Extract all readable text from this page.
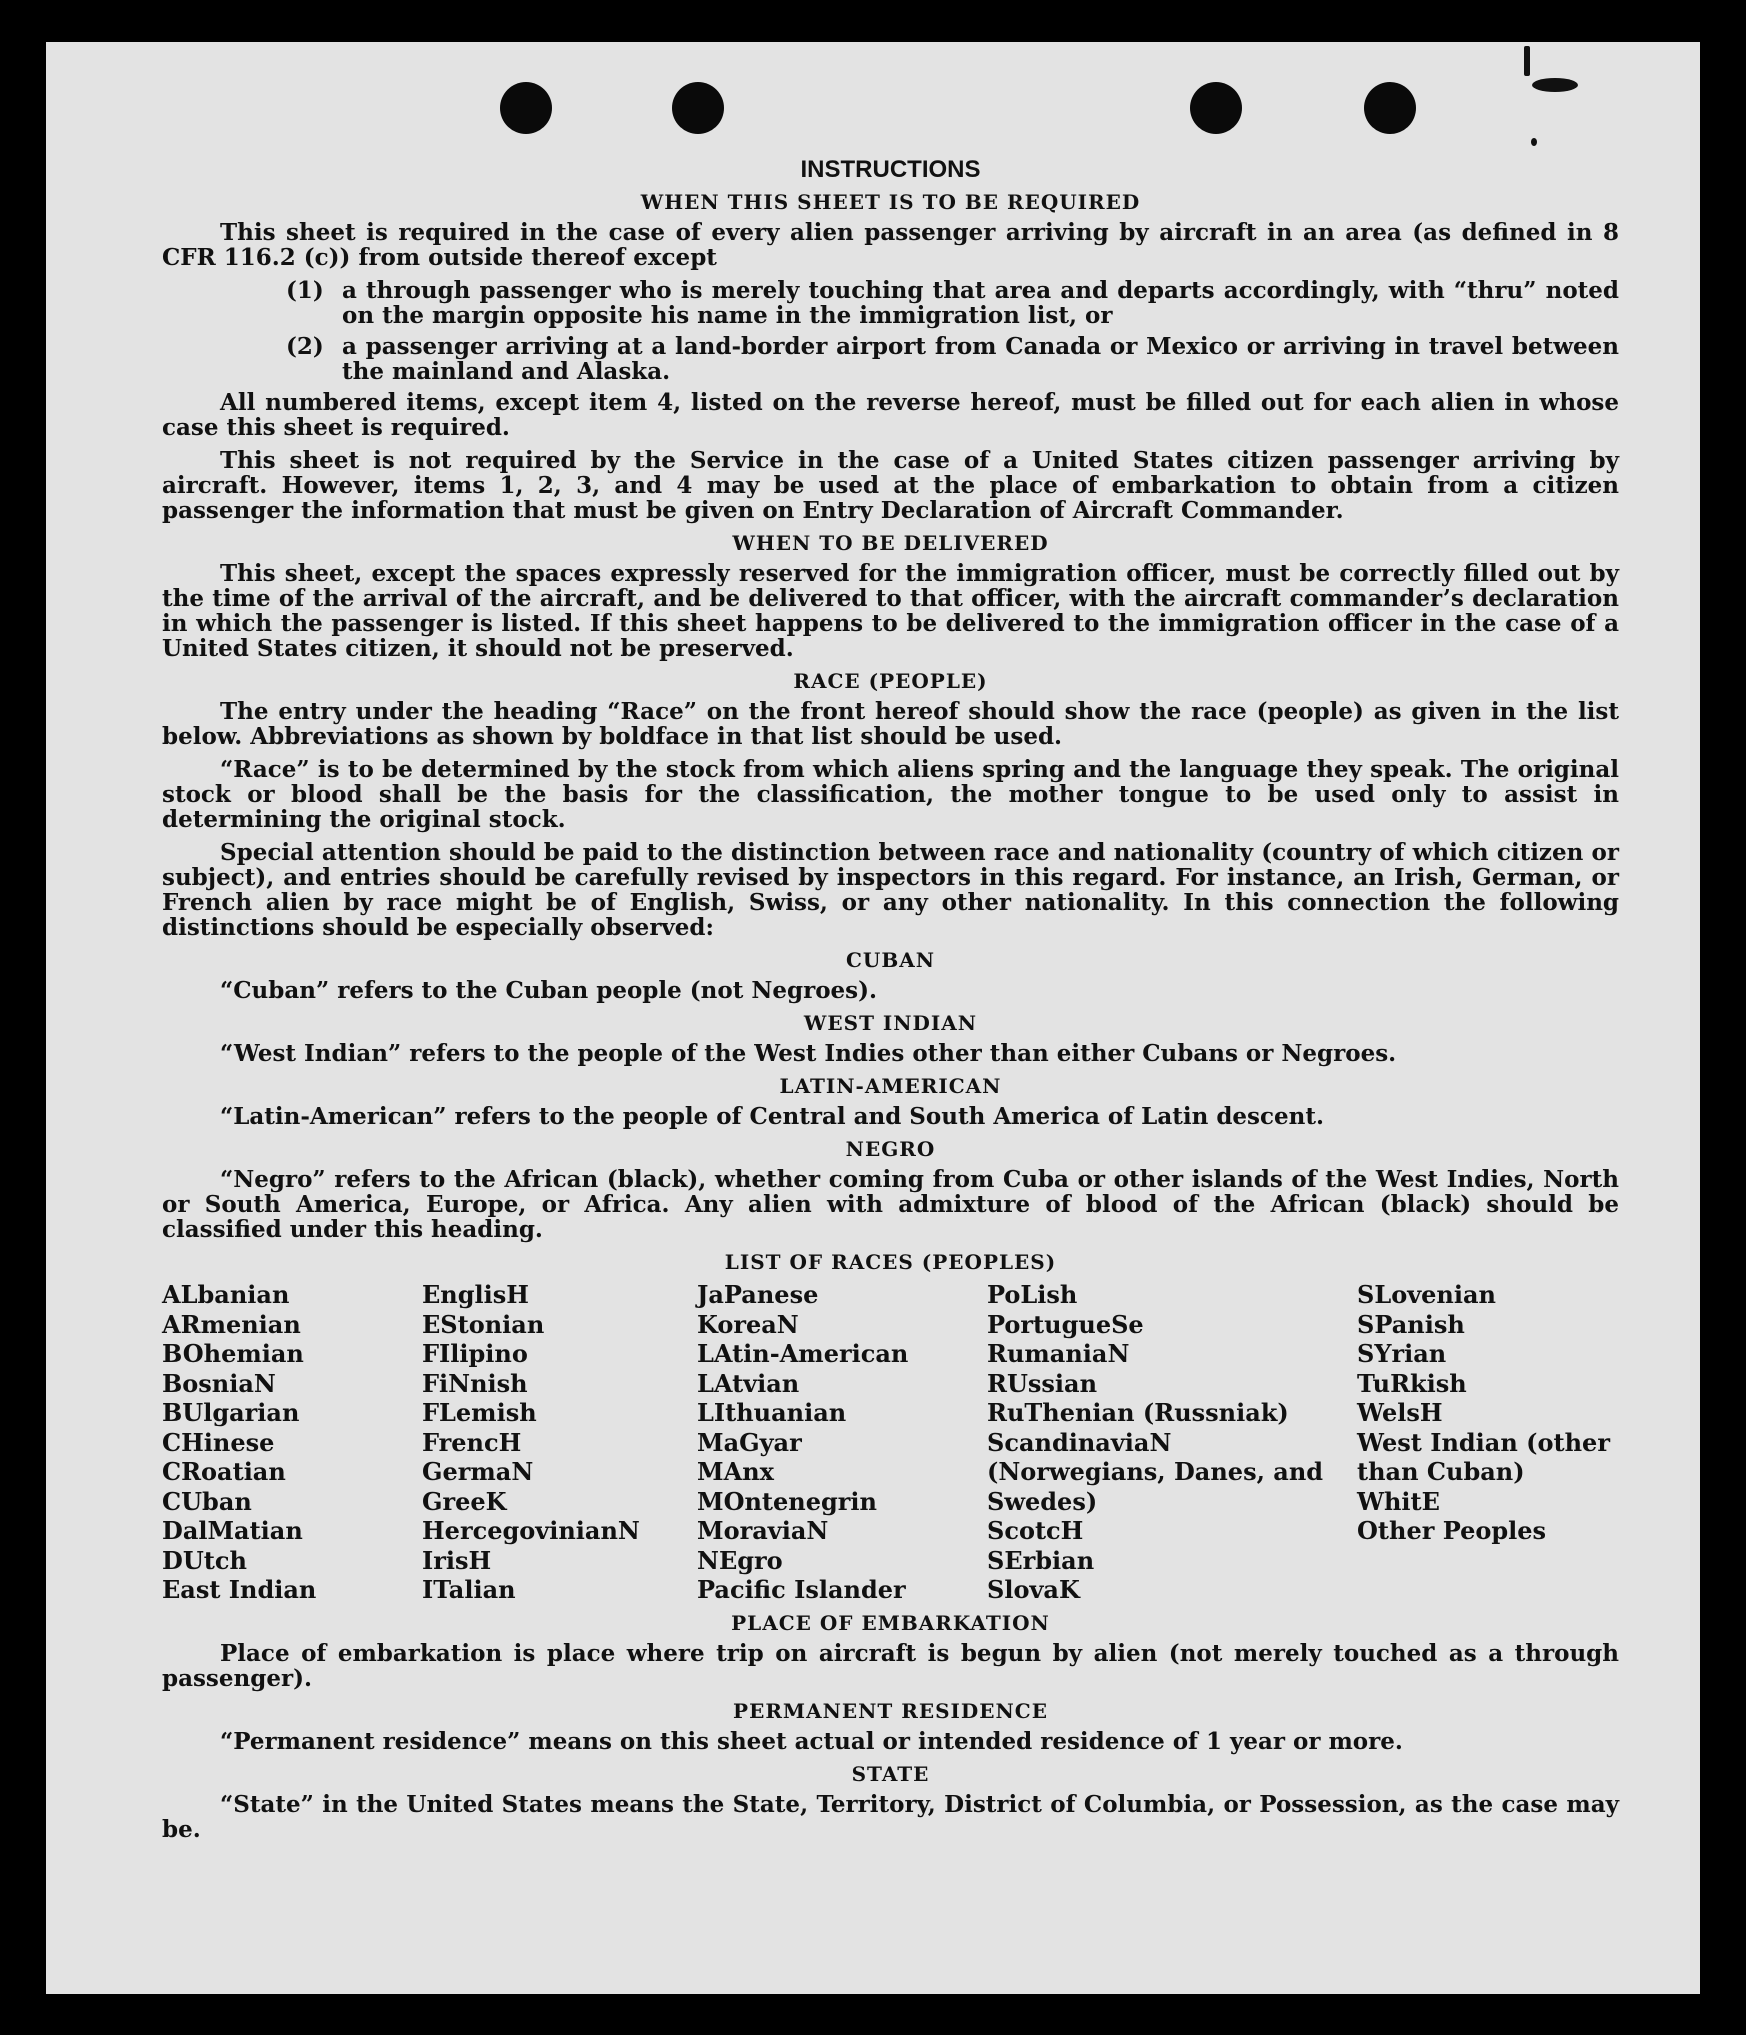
INSTRUCTIONS
WHEN THIS SHEET IS TO BE REQUIRED
This sheet is required in the case of every alien passenger arriving by aircraft in an area (as defined in 8 CFR 116.2 (c)) from outside thereof except
(1) a through passenger who is merely touching that area and departs accordingly, with “thru” noted on the margin opposite his name in the immigration list, or
(2) a passenger arriving at a land-border airport from Canada or Mexico or arriving in travel between the mainland and Alaska.
All numbered items, except item 4, listed on the reverse hereof, must be filled out for each alien in whose case this sheet is required.
This sheet is not required by the Service in the case of a United States citizen passenger arriving by aircraft. However, items 1, 2, 3, and 4 may be used at the place of embarkation to obtain from a citizen passenger the information that must be given on Entry Declaration of Aircraft Commander.
WHEN TO BE DELIVERED
This sheet, except the spaces expressly reserved for the immigration officer, must be correctly filled out by the time of the arrival of the aircraft, and be delivered to that officer, with the aircraft commander’s declaration in which the passenger is listed. If this sheet happens to be delivered to the immigration officer in the case of a United States citizen, it should not be preserved.
RACE (PEOPLE)
The entry under the heading “Race” on the front hereof should show the race (people) as given in the list below. Abbreviations as shown by boldface in that list should be used.
“Race” is to be determined by the stock from which aliens spring and the language they speak. The original stock or blood shall be the basis for the classification, the mother tongue to be used only to assist in determining the original stock.
Special attention should be paid to the distinction between race and nationality (country of which citizen or subject), and entries should be carefully revised by inspectors in this regard. For instance, an Irish, German, or French alien by race might be of English, Swiss, or any other nationality. In this connection the following distinctions should be especially observed:
CUBAN
“Cuban” refers to the Cuban people (not Negroes).
WEST INDIAN
“West Indian” refers to the people of the West Indies other than either Cubans or Negroes.
LATIN-AMERICAN
“Latin-American” refers to the people of Central and South America of Latin descent.
NEGRO
“Negro” refers to the African (black), whether coming from Cuba or other islands of the West Indies, North or South America, Europe, or Africa. Any alien with admixture of blood of the African (black) should be classified under this heading.
LIST OF RACES (PEOPLES)
ALbanian
ARmenian
BOhemian
BosniaN
BUlgarian
CHinese
CRoatian
CUban
DalMatian
DUtch
East Indian
EnglisH
EStonian
FIlipino
FiNnish
FLemish
FrencH
GermaN
GreeK
HercegovinianN
IrisH
ITalian
JaPanese
KoreaN
LAtin-American
LAtvian
LIthuanian
MaGyar
MAnx
MOntenegrin
MoraviaN
NEgro
Pacific Islander
PoLish
PortugueSe
RumaniaN
RUssian
RuThenian (Russniak)
ScandinaviaN (Norwegians, Danes, and Swedes)
ScotcH
SErbian
SlovaK
SLovenian
SPanish
SYrian
TuRkish
WelsH
West Indian (other than Cuban)
WhitE
Other Peoples
PLACE OF EMBARKATION
Place of embarkation is place where trip on aircraft is begun by alien (not merely touched as a through passenger).
PERMANENT RESIDENCE
“Permanent residence” means on this sheet actual or intended residence of 1 year or more.
STATE
“State” in the United States means the State, Territory, District of Columbia, or Possession, as the case may be.
